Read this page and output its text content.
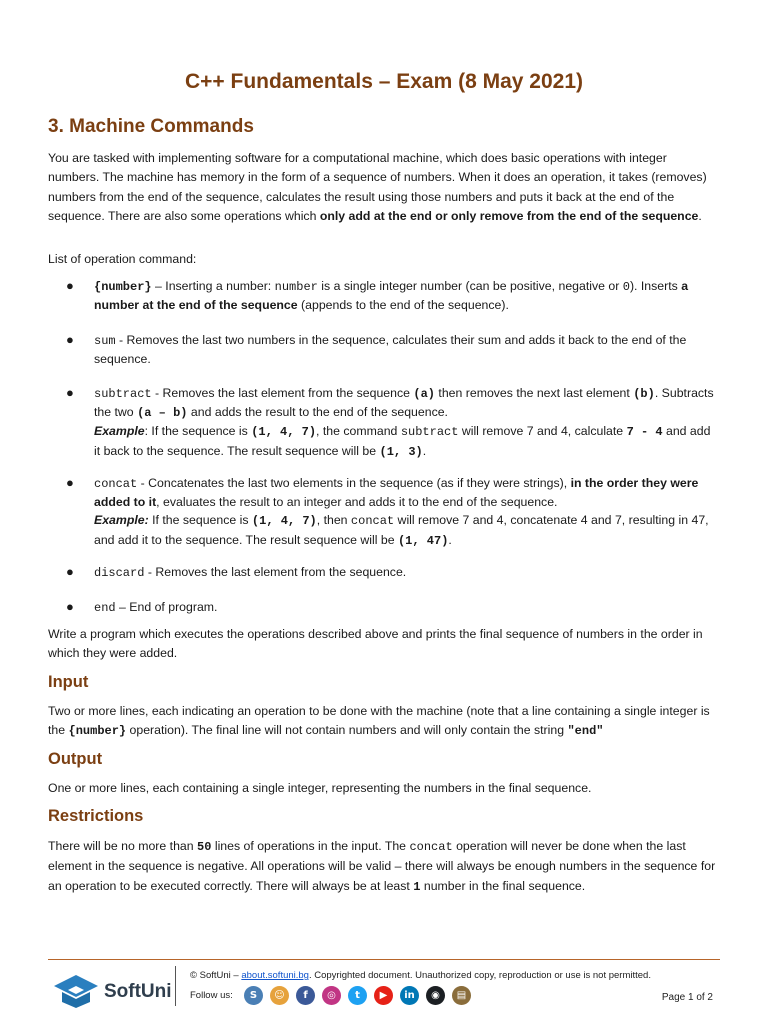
C++ Fundamentals – Exam (8 May 2021)
3. Machine Commands
You are tasked with implementing software for a computational machine, which does basic operations with integer numbers. The machine has memory in the form of a sequence of numbers. When it does an operation, it takes (removes) numbers from the end of the sequence, calculates the result using those numbers and puts it back at the end of the sequence. There are also some operations which only add at the end or only remove from the end of the sequence.
List of operation command:
● {number} – Inserting a number: number is a single integer number (can be positive, negative or 0). Inserts a number at the end of the sequence (appends to the end of the sequence).
● sum - Removes the last two numbers in the sequence, calculates their sum and adds it back to the end of the sequence.
● subtract - Removes the last element from the sequence (a) then removes the next last element (b). Subtracts the two (a – b) and adds the result to the end of the sequence.
Example: If the sequence is (1, 4, 7), the command subtract will remove 7 and 4, calculate 7 - 4 and add it back to the sequence. The result sequence will be (1, 3).
● concat - Concatenates the last two elements in the sequence (as if they were strings), in the order they were added to it, evaluates the result to an integer and adds it to the end of the sequence.
Example: If the sequence is (1, 4, 7), then concat will remove 7 and 4, concatenate 4 and 7, resulting in 47, and add it to the sequence. The result sequence will be (1, 47).
● discard - Removes the last element from the sequence.
● end – End of program.
Write a program which executes the operations described above and prints the final sequence of numbers in the order in which they were added.
Input
Two or more lines, each indicating an operation to be done with the machine (note that a line containing a single integer is the {number} operation). The final line will not contain numbers and will only contain the string "end"
Output
One or more lines, each containing a single integer, representing the numbers in the final sequence.
Restrictions
There will be no more than 50 lines of operations in the input. The concat operation will never be done when the last element in the sequence is negative. All operations will be valid – there will always be enough numbers in the sequence for an operation to be executed correctly. There will always be at least 1 number in the final sequence.
SoftUni
© SoftUni – about.softuni.bg. Copyrighted document. Unauthorized copy, reproduction or use is not permitted.
Follow us:	S	☺	f	◎	t	▶	in	◉	▤	Page 1 of 2
